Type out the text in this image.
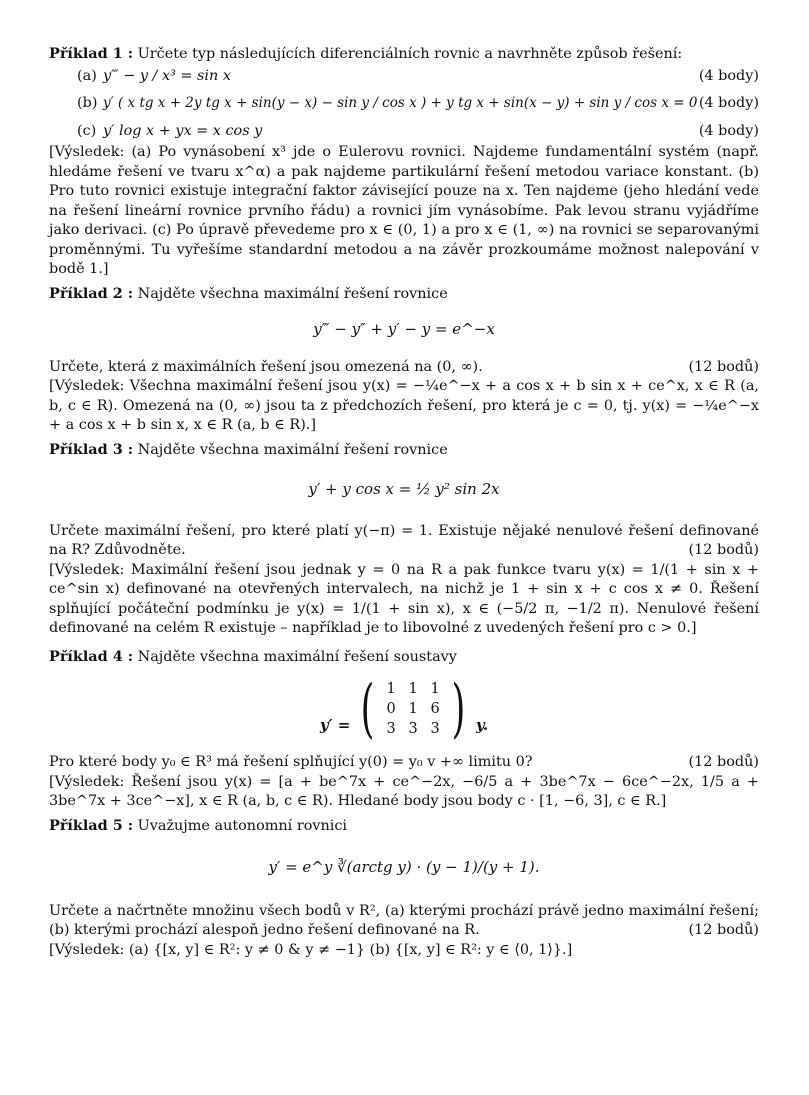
Příklad 1 : Určete typ následujících diferenciálních rovnic a navrhněte způsob řešení:

(a) y‴ − y / x³ = sin x	(4 body)
(b) y′ ( x tg x + 2y tg x + sin(y − x) − sin y / cos x ) + y tg x + sin(x − y) + sin y / cos x = 0 (4 body)
(c) y′ log x + yx = x cos y	(4 body)

[Výsledek: (a) Po vynásobení x³ jde o Eulerovu rovnici. Najdeme fundamentální systém (např. hledáme řešení ve tvaru x^α) a pak najdeme partikulární řešení metodou variace konstant. (b) Pro tuto rovnici existuje integrační faktor závisející pouze na x. Ten najdeme (jeho hledání vede na řešení lineární rovnice prvního řádu) a rovnici jím vynásobíme. Pak levou stranu vyjádříme jako derivaci. (c) Po úpravě převedeme pro x ∈ (0, 1) a pro x ∈ (1, ∞) na rovnici se separovanými proměnnými. Tu vyřešíme standardní metodou a na závěr prozkoumáme možnost nalepování v bodě 1.]

Příklad 2 : Najděte všechna maximální řešení rovnice

y‴ − y″ + y′ − y = e^−x
Určete, která z maximálních řešení jsou omezená na (0, ∞).	(12 bodů)

[Výsledek: Všechna maximální řešení jsou y(x) = −¼e^−x + a cos x + b sin x + ce^x, x ∈ R (a, b, c ∈ R). Omezená na (0, ∞) jsou ta z předchozích řešení, pro která je c = 0, tj. y(x) = −¼e^−x + a cos x + b sin x, x ∈ R (a, b ∈ R).]

Příklad 3 : Najděte všechna maximální řešení rovnice

y′ + y cos x = ½ y² sin 2x

Určete maximální řešení, pro které platí y(−π) = 1. Existuje nějaké nenulové řešení definované na R? Zdůvodněte.	(12 bodů)

[Výsledek: Maximální řešení jsou jednak y = 0 na R a pak funkce tvaru y(x) = 1/(1 + sin x + ce^sin x) definované na otevřených intervalech, na nichž je 1 + sin x + c cos x ≠ 0. Řešení splňující počáteční podmínku je y(x) = 1/(1 + sin x), x ∈ (−5/2 π, −1/2 π). Nenulové řešení definované na celém R existuje – například je to libovolné z uvedených řešení pro c > 0.]

Příklad 4 : Najděte všechna maximální řešení soustavy

y′ = ( 1 1 1
0 1 6
3 3 3 ) y.
Pro které body y₀ ∈ R³ má řešení splňující y(0) = y₀ v +∞ limitu 0?	(12 bodů)

[Výsledek: Řešení jsou y(x) = [a + be^7x + ce^−2x, −6/5 a + 3be^7x − 6ce^−2x, 1/5 a + 3be^7x + 3ce^−x], x ∈ R (a, b, c ∈ R). Hledané body jsou body c · [1, −6, 3], c ∈ R.]

Příklad 5 : Uvažujme autonomní rovnici

y′ = e^y ∛(arctg y) · (y − 1)/(y + 1).

Určete a načrtněte množinu všech bodů v R², (a) kterými prochází právě jedno maximální řešení; (b) kterými prochází alespoň jedno řešení definované na R.	(12 bodů)

[Výsledek: (a) {[x, y] ∈ R²: y ≠ 0 & y ≠ −1} (b) {[x, y] ∈ R²: y ∈ ⟨0, 1⟩}.]
